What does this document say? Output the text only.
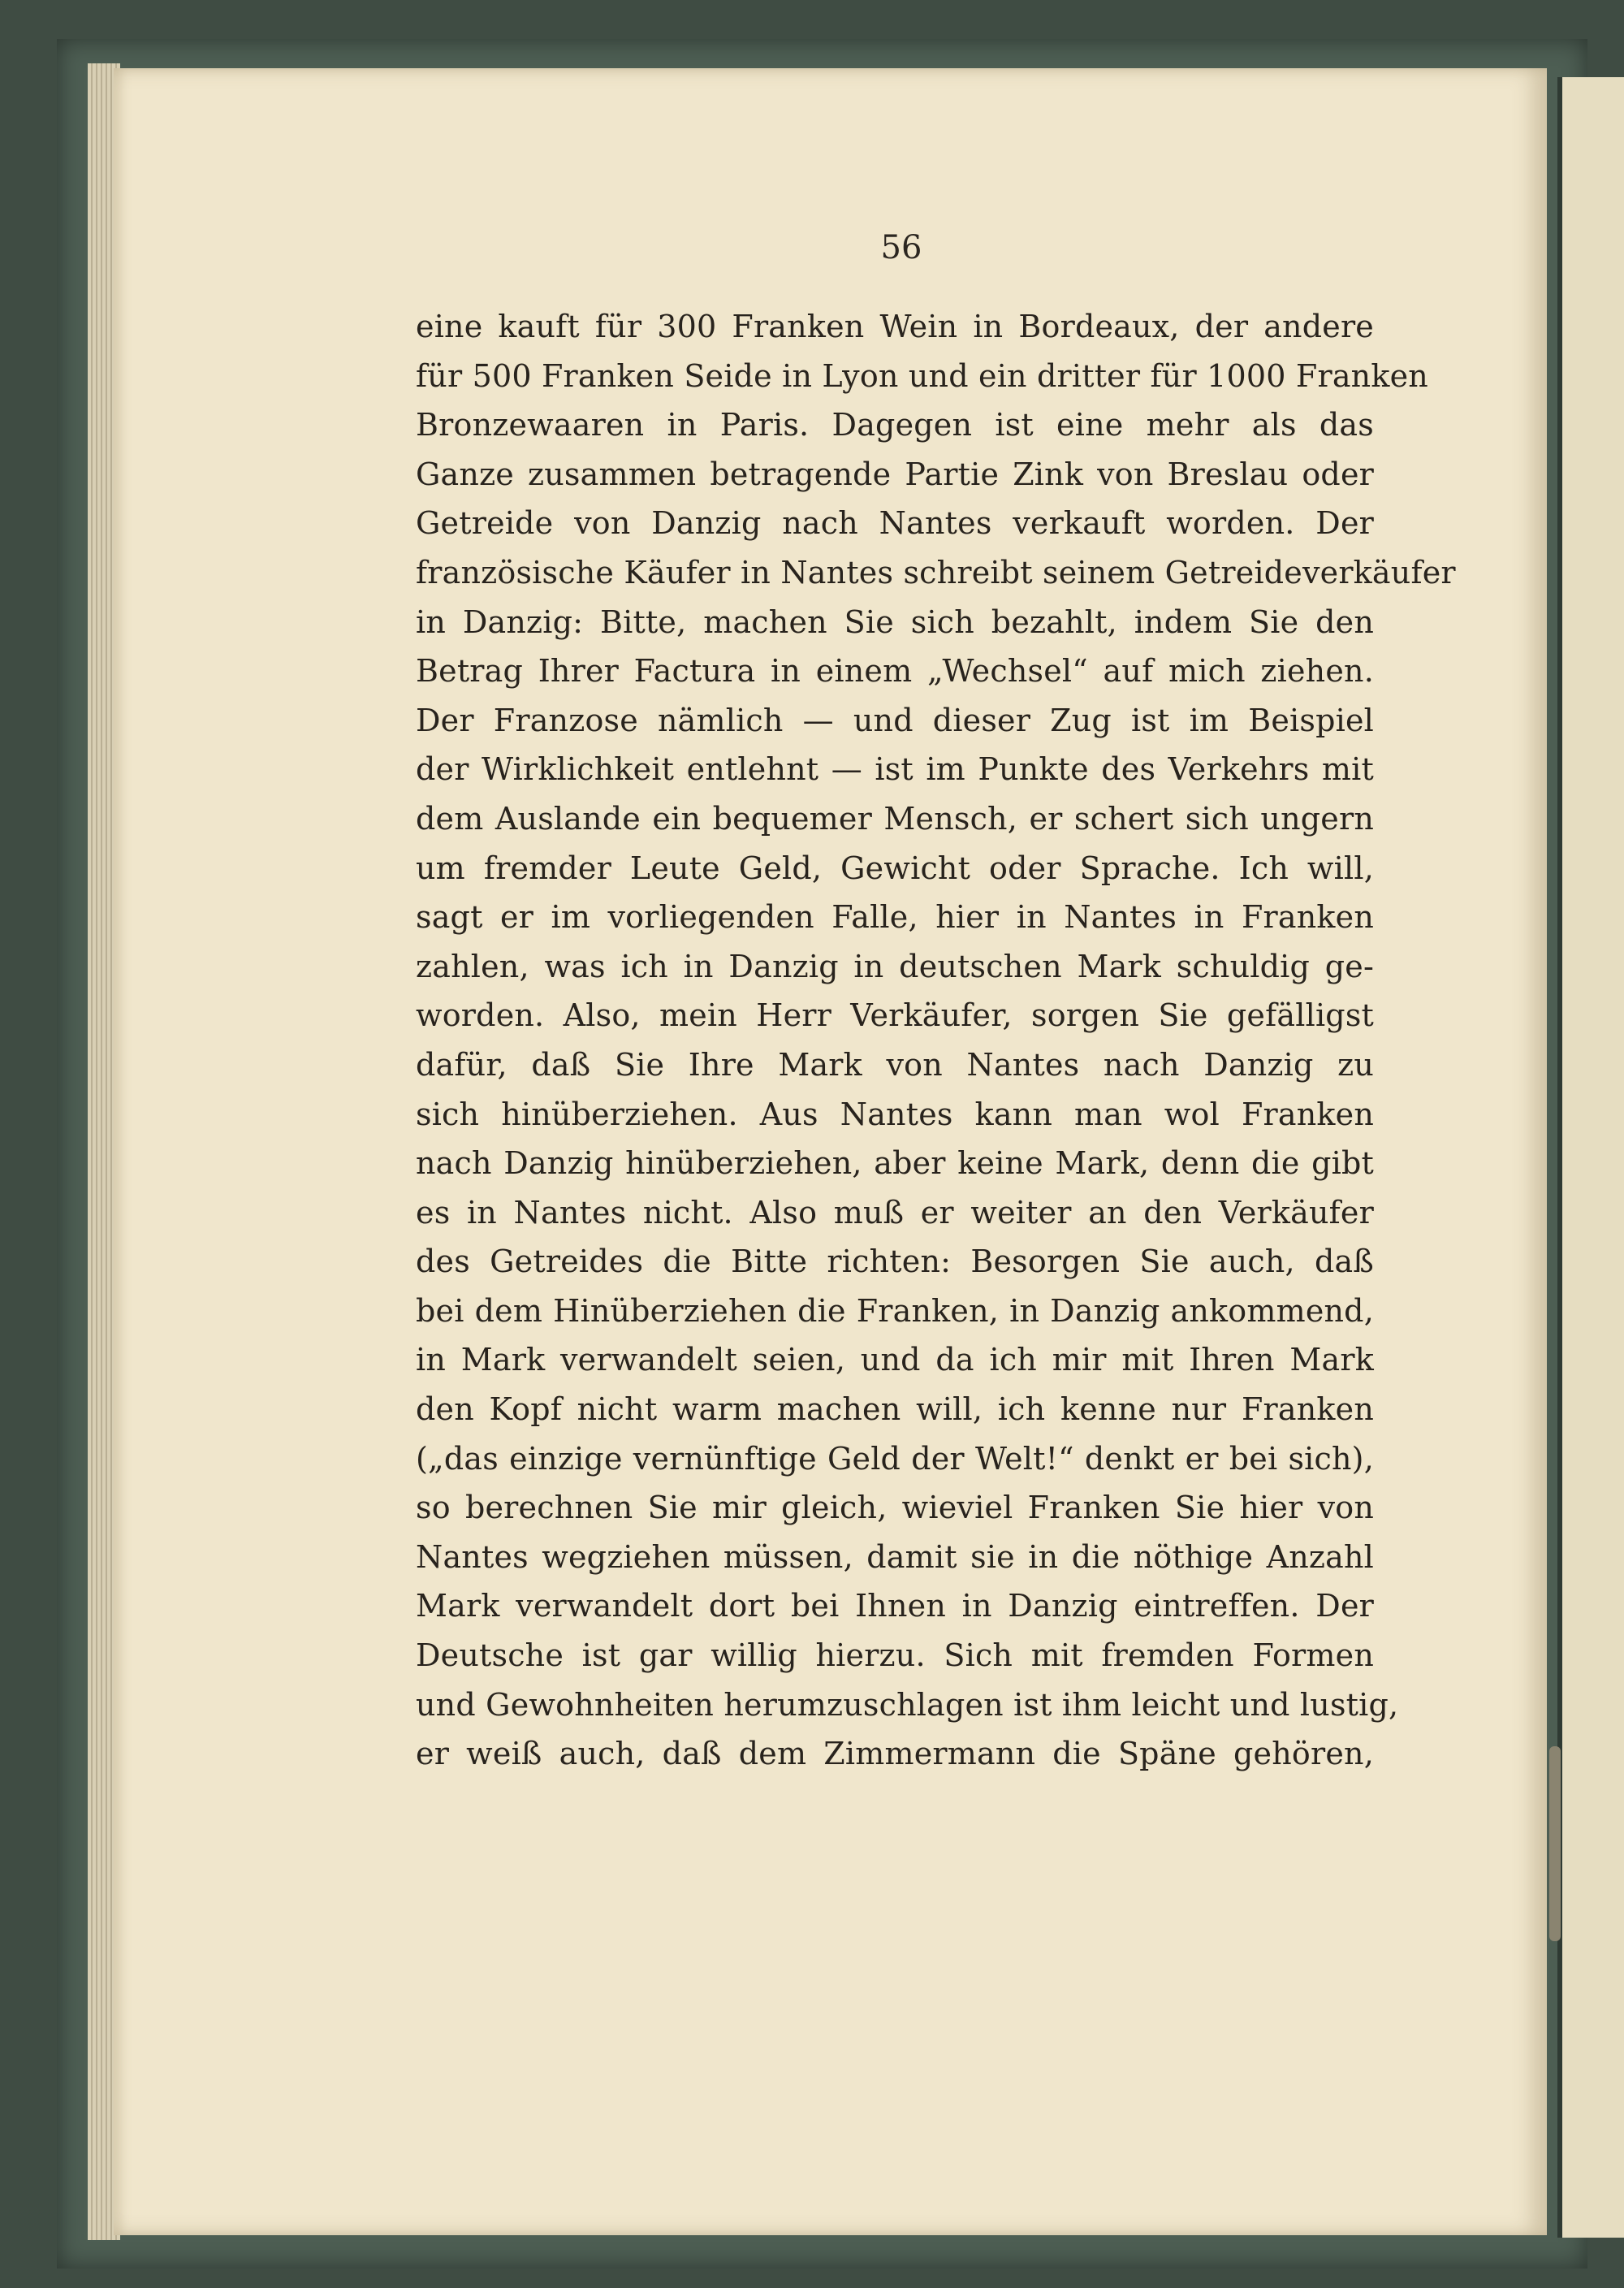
56
eine kauft für 300 Franken Wein in Bordeaux, der andere
für 500 Franken Seide in Lyon und ein dritter für 1000 Franken
Bronzewaaren in Paris. Dagegen ist eine mehr als das
Ganze zusammen betragende Partie Zink von Breslau oder
Getreide von Danzig nach Nantes verkauft worden. Der
französische Käufer in Nantes schreibt seinem Getreideverkäufer
in Danzig: Bitte, machen Sie sich bezahlt, indem Sie den
Betrag Ihrer Factura in einem „Wechsel“ auf mich ziehen.
Der Franzose nämlich — und dieser Zug ist im Beispiel
der Wirklichkeit entlehnt — ist im Punkte des Verkehrs mit
dem Auslande ein bequemer Mensch, er schert sich ungern
um fremder Leute Geld, Gewicht oder Sprache. Ich will,
sagt er im vorliegenden Falle, hier in Nantes in Franken
zahlen, was ich in Danzig in deutschen Mark schuldig ge-
worden. Also, mein Herr Verkäufer, sorgen Sie gefälligst
dafür, daß Sie Ihre Mark von Nantes nach Danzig zu
sich hinüberziehen. Aus Nantes kann man wol Franken
nach Danzig hinüberziehen, aber keine Mark, denn die gibt
es in Nantes nicht. Also muß er weiter an den Verkäufer
des Getreides die Bitte richten: Besorgen Sie auch, daß
bei dem Hinüberziehen die Franken, in Danzig ankommend,
in Mark verwandelt seien, und da ich mir mit Ihren Mark
den Kopf nicht warm machen will, ich kenne nur Franken
(„das einzige vernünftige Geld der Welt!“ denkt er bei sich),
so berechnen Sie mir gleich, wieviel Franken Sie hier von
Nantes wegziehen müssen, damit sie in die nöthige Anzahl
Mark verwandelt dort bei Ihnen in Danzig eintreffen. Der
Deutsche ist gar willig hierzu. Sich mit fremden Formen
und Gewohnheiten herumzuschlagen ist ihm leicht und lustig,
er weiß auch, daß dem Zimmermann die Späne gehören,
